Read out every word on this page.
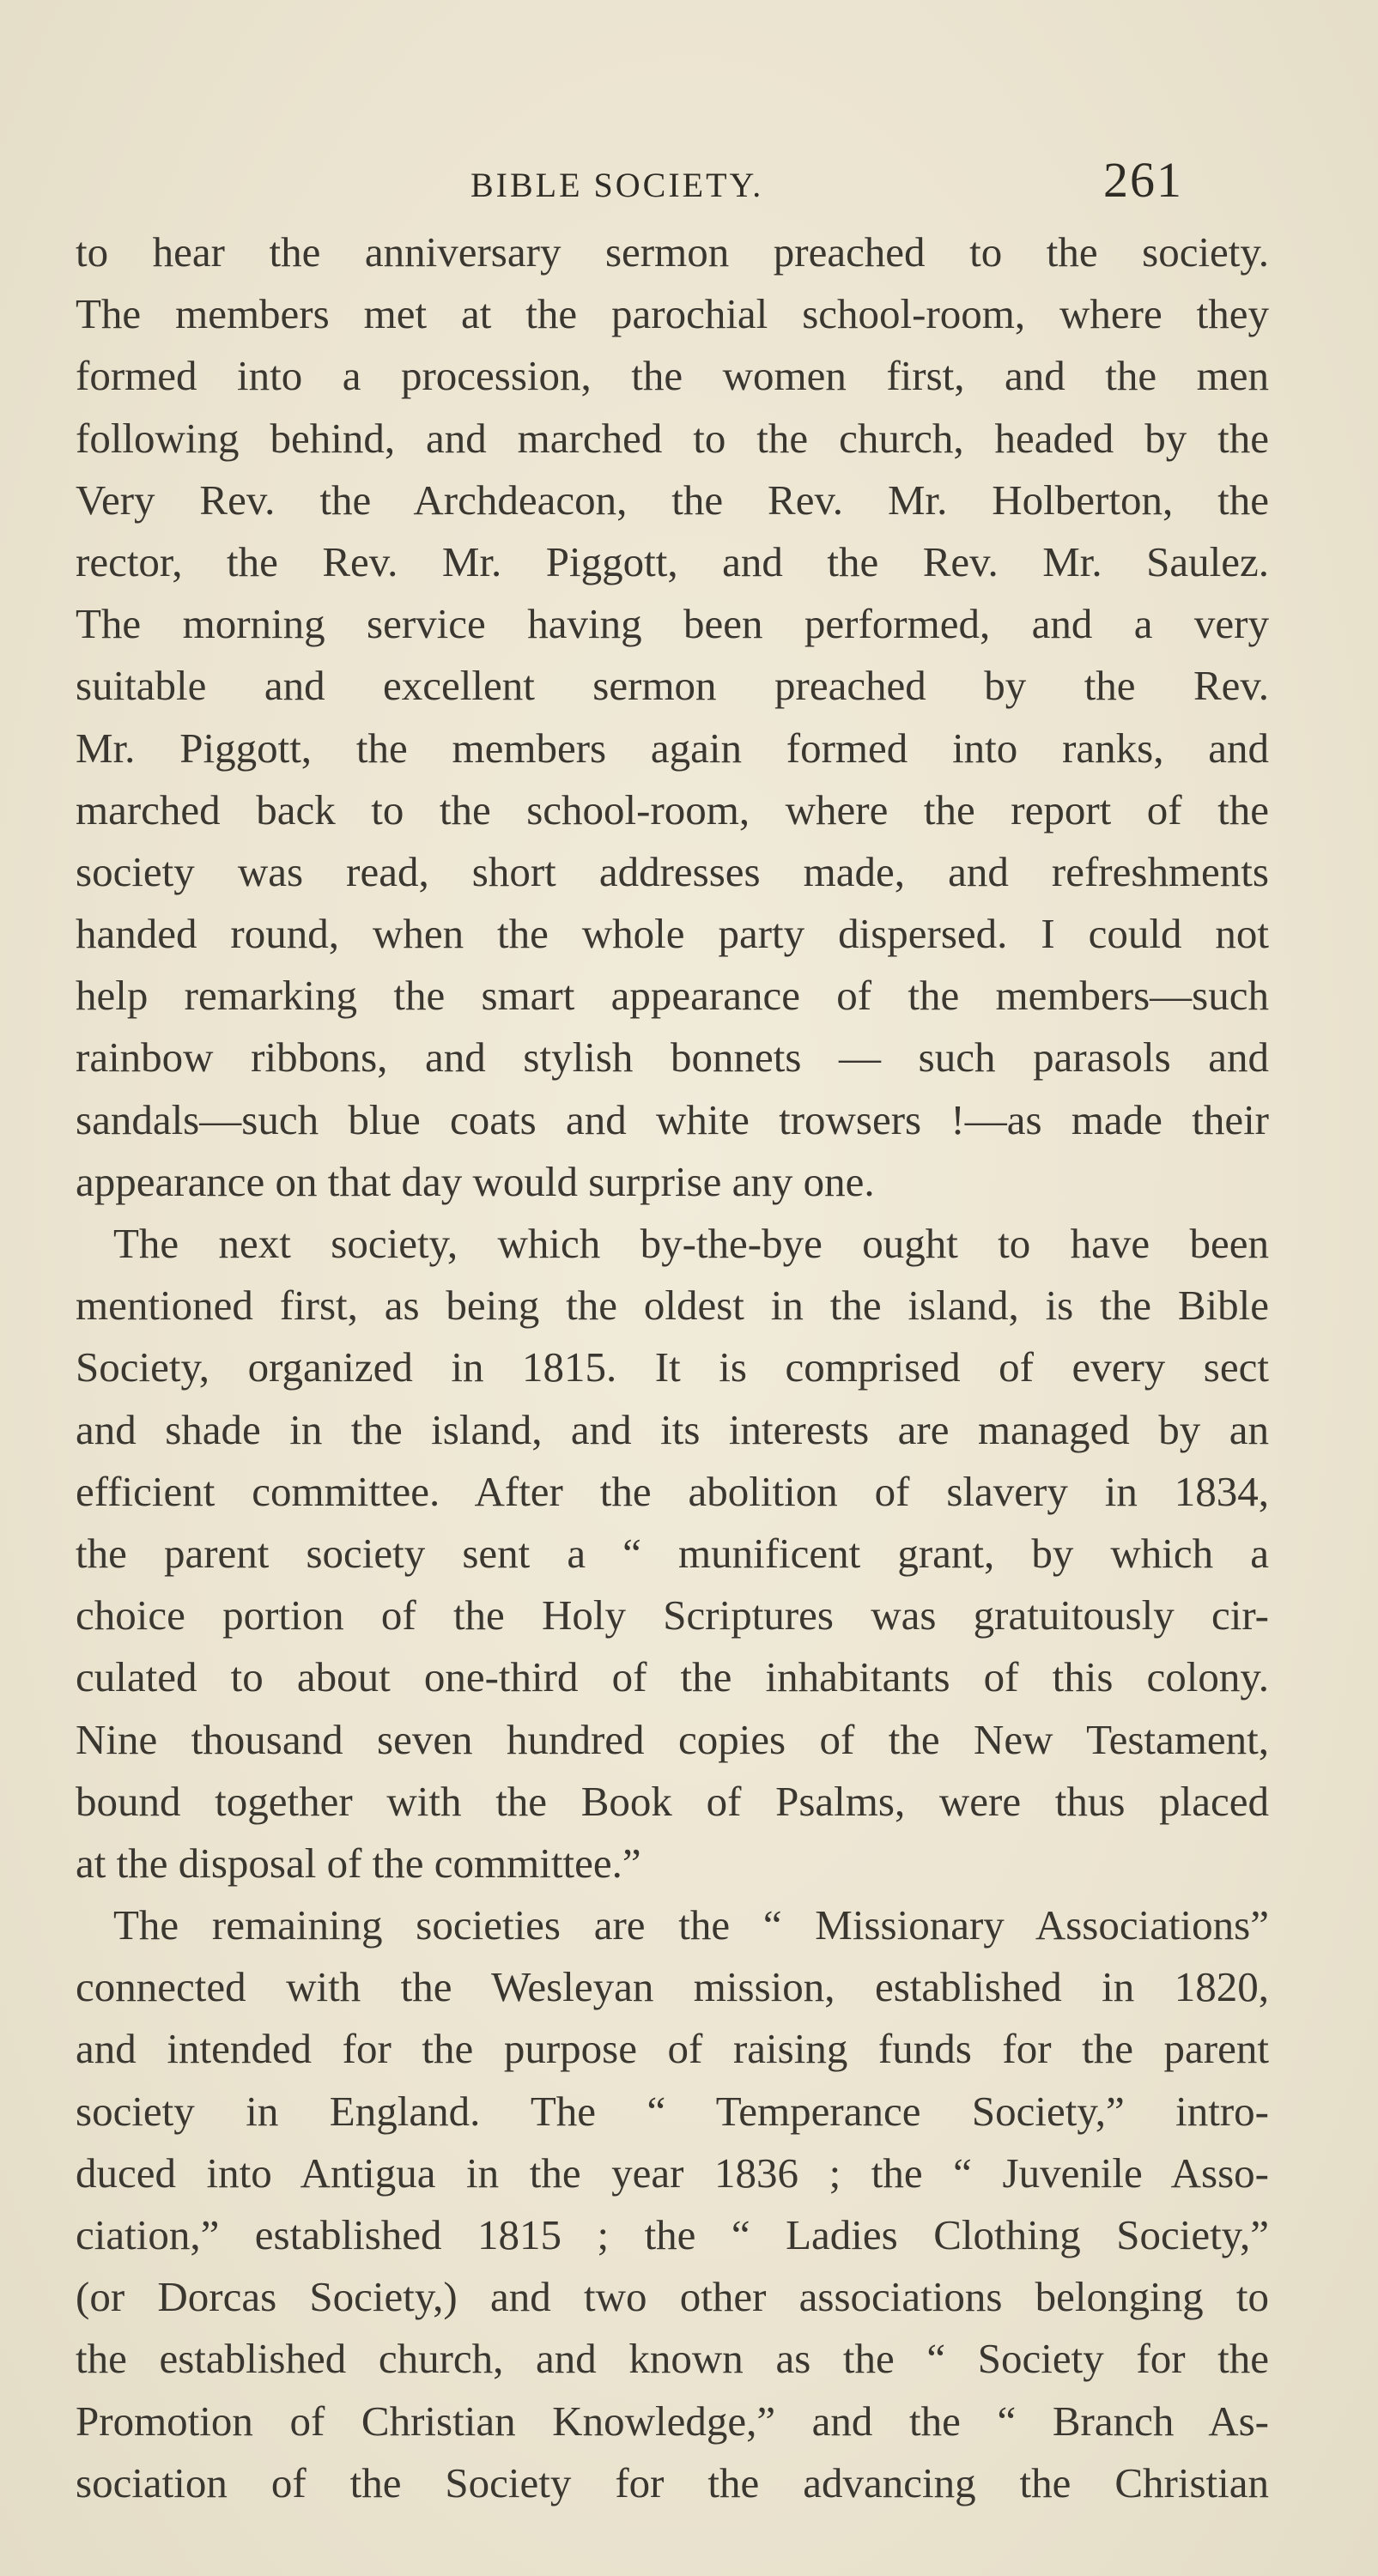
BIBLE SOCIETY.	261
to hear the anniversary sermon preached to the society.
The members met at the parochial school-room, where they
formed into a procession, the women first, and the men
following behind, and marched to the church, headed by the
Very Rev. the Archdeacon, the Rev. Mr. Holberton, the
rector, the Rev. Mr. Piggott, and the Rev. Mr. Saulez.
The morning service having been performed, and a very
suitable and excellent sermon preached by the Rev.
Mr. Piggott, the members again formed into ranks, and
marched back to the school-room, where the report of the
society was read, short addresses made, and refreshments
handed round, when the whole party dispersed. I could not
help remarking the smart appearance of the members—such
rainbow ribbons, and stylish bonnets — such parasols and
sandals—such blue coats and white trowsers !—as made their
appearance on that day would surprise any one.
The next society, which by-the-bye ought to have been
mentioned first, as being the oldest in the island, is the Bible
Society, organized in 1815. It is comprised of every sect
and shade in the island, and its interests are managed by an
efficient committee. After the abolition of slavery in 1834,
the parent society sent a “ munificent grant, by which a
choice portion of the Holy Scriptures was gratuitously cir-
culated to about one-third of the inhabitants of this colony.
Nine thousand seven hundred copies of the New Testament,
bound together with the Book of Psalms, were thus placed
at the disposal of the committee.”
The remaining societies are the “ Missionary Associations”
connected with the Wesleyan mission, established in 1820,
and intended for the purpose of raising funds for the parent
society in England. The “ Temperance Society,” intro-
duced into Antigua in the year 1836 ; the “ Juvenile Asso-
ciation,” established 1815 ; the “ Ladies Clothing Society,”
(or Dorcas Society,) and two other associations belonging to
the established church, and known as the “ Society for the
Promotion of Christian Knowledge,” and the “ Branch As-
sociation of the Society for the advancing the Christian
